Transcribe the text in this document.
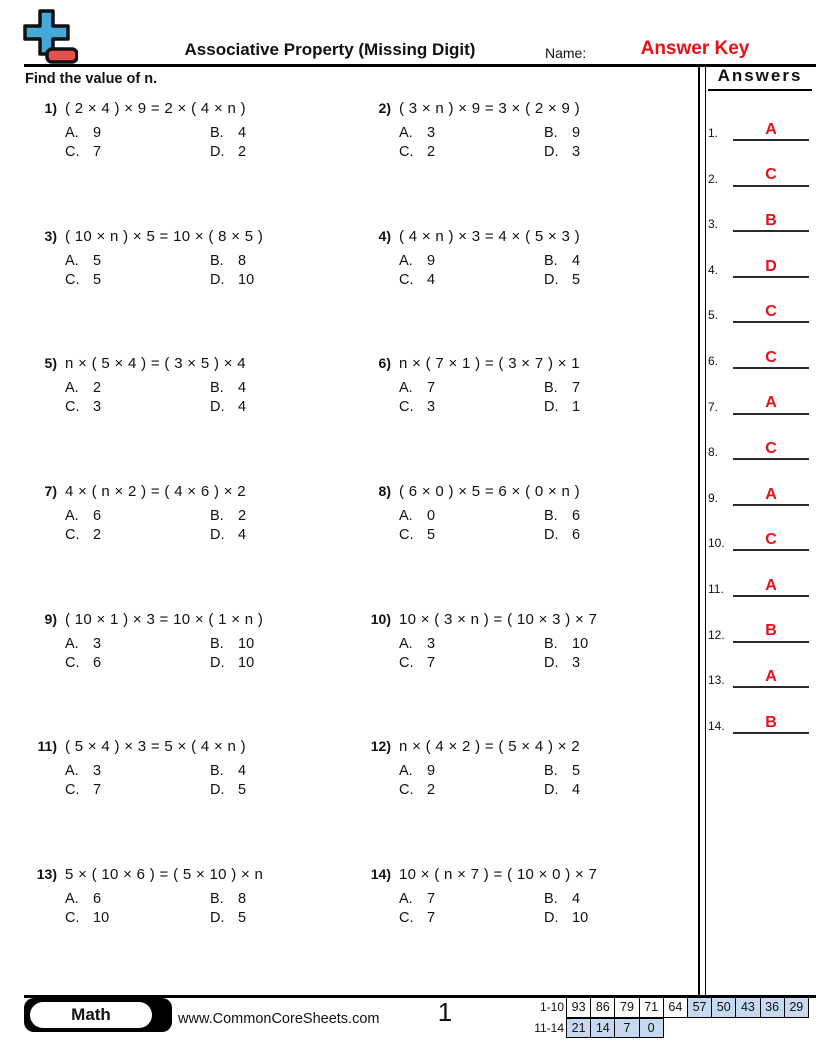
Associative Property (Missing Digit)	Name:	Answer Key
Find the value of n.
1) ( 2 × 4 ) × 9 = 2 × ( 4 × n )
A. 9	B. 4
C. 7	D. 2
2) ( 3 × n ) × 9 = 3 × ( 2 × 9 )
A. 3	B. 9
C. 2	D. 3
3) ( 10 × n ) × 5 = 10 × ( 8 × 5 )
A. 5	B. 8
C. 5	D. 10
4) ( 4 × n ) × 3 = 4 × ( 5 × 3 )
A. 9	B. 4
C. 4	D. 5
5) n × ( 5 × 4 ) = ( 3 × 5 ) × 4
A. 2	B. 4
C. 3	D. 4
6) n × ( 7 × 1 ) = ( 3 × 7 ) × 1
A. 7	B. 7
C. 3	D. 1
7) 4 × ( n × 2 ) = ( 4 × 6 ) × 2
A. 6	B. 2
C. 2	D. 4
8) ( 6 × 0 ) × 5 = 6 × ( 0 × n )
A. 0	B. 6
C. 5	D. 6
9) ( 10 × 1 ) × 3 = 10 × ( 1 × n )
A. 3	B. 10
C. 6	D. 10
10) 10 × ( 3 × n ) = ( 10 × 3 ) × 7
A. 3	B. 10
C. 7	D. 3
11) ( 5 × 4 ) × 3 = 5 × ( 4 × n )
A. 3	B. 4
C. 7	D. 5
12) n × ( 4 × 2 ) = ( 5 × 4 ) × 2
A. 9	B. 5
C. 2	D. 4
13) 5 × ( 10 × 6 ) = ( 5 × 10 ) × n
A. 6	B. 8
C. 10	D. 5
14) 10 × ( n × 7 ) = ( 10 × 0 ) × 7
A. 7	B. 4
C. 7	D. 10
Answers
1.	A
2.	C
3.	B
4.	D
5.	C
6.	C
7.	A
8.	C
9.	A
10.	C
11.	A
12.	B
13.	A
14.	B
Math	www.CommonCoreSheets.com	1	1-10 93 86 79 71 64 57 50 43 36 29
11-14 21 14	7	0
